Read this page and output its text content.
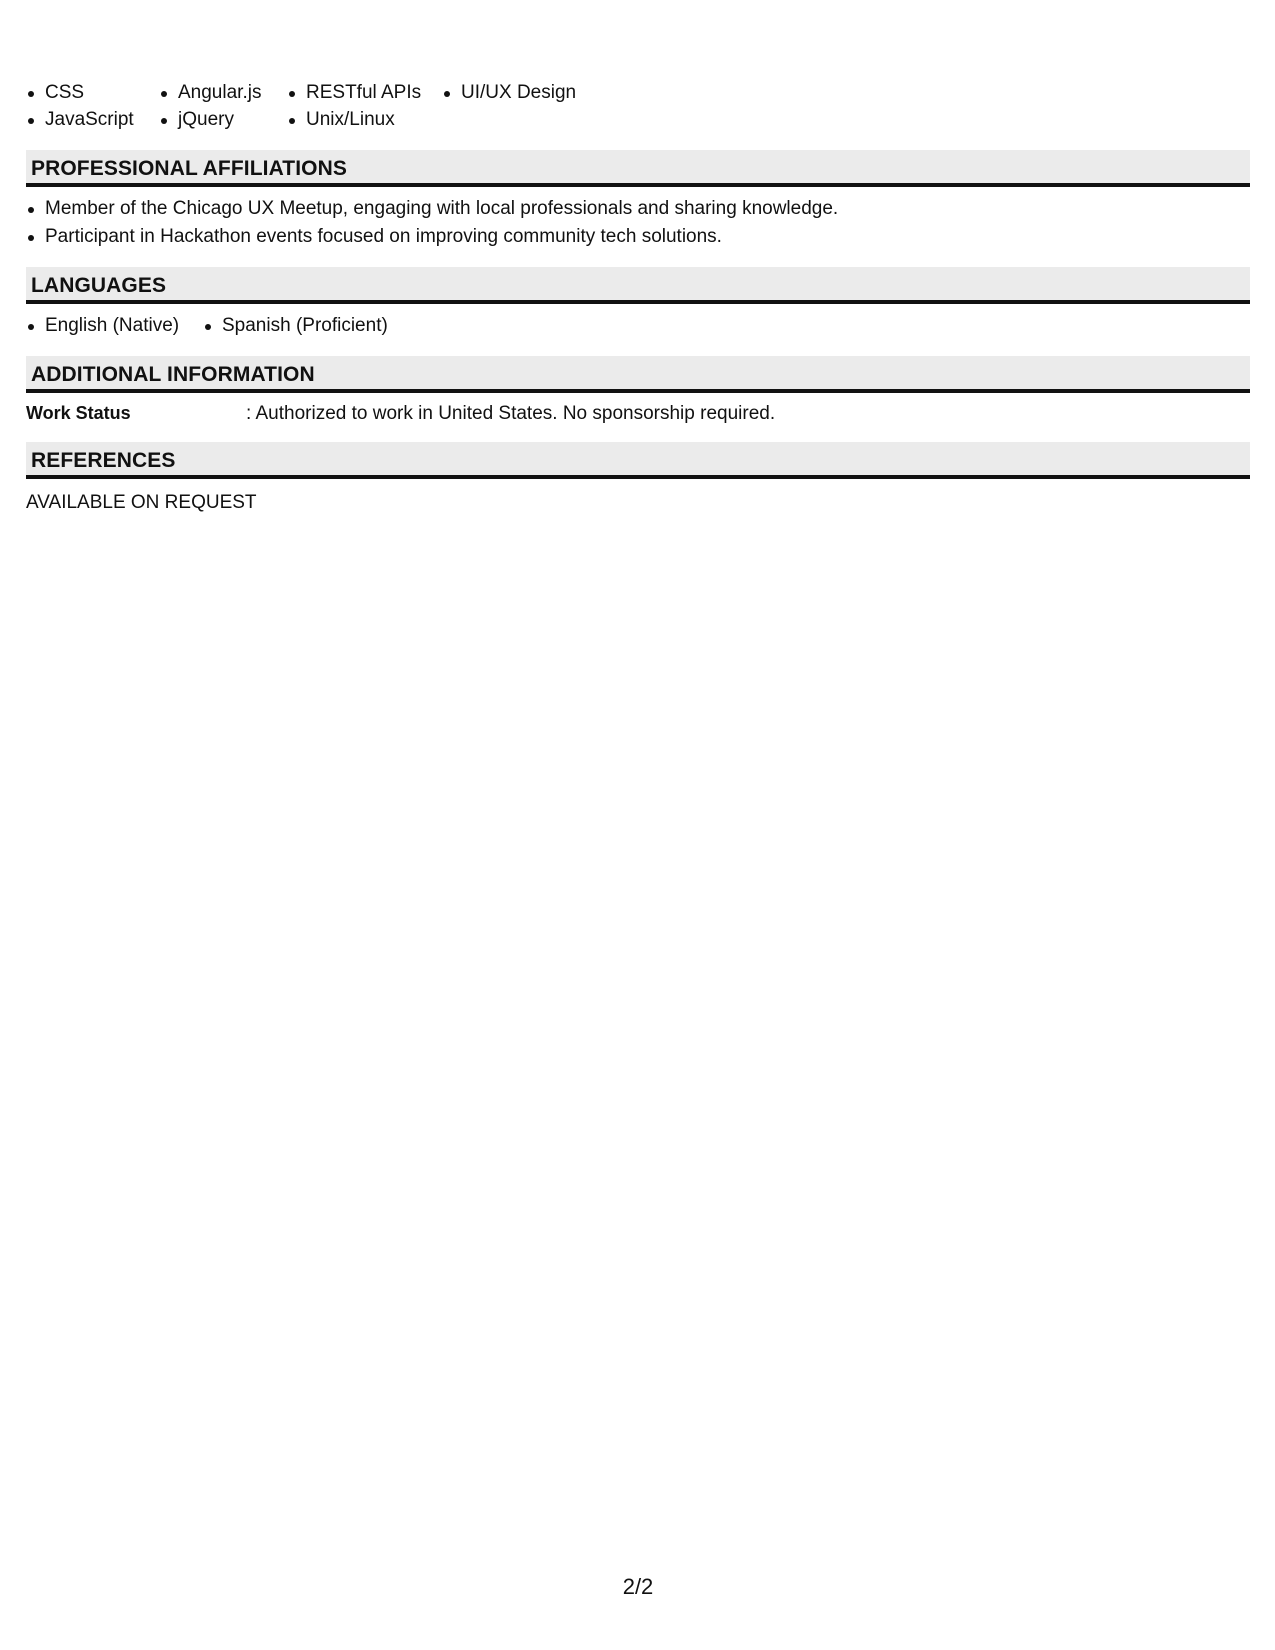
CSS
JavaScript
Angular.js
jQuery
RESTful APIs
Unix/Linux
UI/UX Design
PROFESSIONAL AFFILIATIONS
Member of the Chicago UX Meetup, engaging with local professionals and sharing knowledge.
Participant in Hackathon events focused on improving community tech solutions.
LANGUAGES
English (Native)	Spanish (Proficient)
ADDITIONAL INFORMATION
Work Status	: Authorized to work in United States. No sponsorship required.
REFERENCES
AVAILABLE ON REQUEST
2/2
